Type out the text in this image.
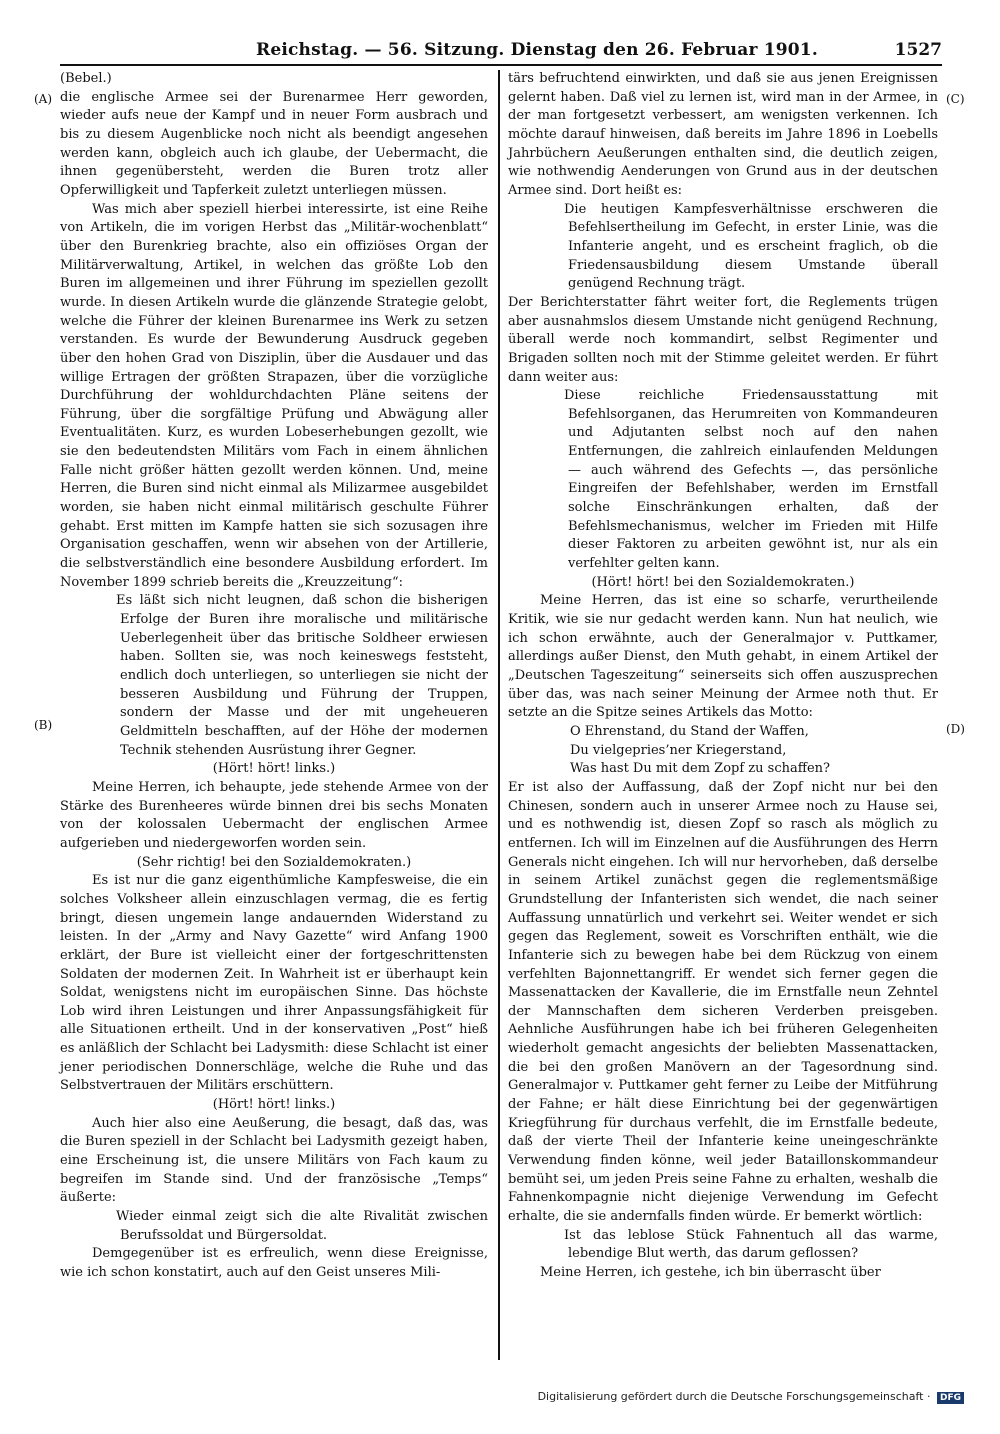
Reichstag. — 56. Sitzung. Dienstag den 26. Februar 1901.	1527
(A)
(B)
(C)
(D)

(Bebel.)

die englische Armee sei der Burenarmee Herr geworden, wieder aufs neue der Kampf und in neuer Form ausbrach und bis zu diesem Augenblicke noch nicht als beendigt angesehen werden kann, obgleich auch ich glaube, der Uebermacht, die ihnen gegenübersteht, werden die Buren trotz aller Opferwilligkeit und Tapferkeit zuletzt unterliegen müssen.

Was mich aber speziell hierbei interessirte, ist eine Reihe von Artikeln, die im vorigen Herbst das „Militär-wochenblatt“ über den Burenkrieg brachte, also ein offiziöses Organ der Militärverwaltung, Artikel, in welchen das größte Lob den Buren im allgemeinen und ihrer Führung im speziellen gezollt wurde. In diesen Artikeln wurde die glänzende Strategie gelobt, welche die Führer der kleinen Burenarmee ins Werk zu setzen verstanden. Es wurde der Bewunderung Ausdruck gegeben über den hohen Grad von Disziplin, über die Ausdauer und das willige Ertragen der größten Strapazen, über die vorzügliche Durchführung der wohldurchdachten Pläne seitens der Führung, über die sorgfältige Prüfung und Abwägung aller Eventualitäten. Kurz, es wurden Lobeserhebungen gezollt, wie sie den bedeutendsten Militärs vom Fach in einem ähnlichen Falle nicht größer hätten gezollt werden können. Und, meine Herren, die Buren sind nicht einmal als Milizarmee ausgebildet worden, sie haben nicht einmal militärisch geschulte Führer gehabt. Erst mitten im Kampfe hatten sie sich sozusagen ihre Organisation geschaffen, wenn wir absehen von der Artillerie, die selbstverständlich eine besondere Ausbildung erfordert. Im November 1899 schrieb bereits die „Kreuzzeitung“:

Es läßt sich nicht leugnen, daß schon die bisherigen Erfolge der Buren ihre moralische und militärische Ueberlegenheit über das britische Soldheer erwiesen haben. Sollten sie, was noch keineswegs feststeht, endlich doch unterliegen, so unterliegen sie nicht der besseren Ausbildung und Führung der Truppen, sondern der Masse und der mit ungeheueren Geldmitteln beschafften, auf der Höhe der modernen Technik stehenden Ausrüstung ihrer Gegner.

(Hört! hört! links.)

Meine Herren, ich behaupte, jede stehende Armee von der Stärke des Burenheeres würde binnen drei bis sechs Monaten von der kolossalen Uebermacht der englischen Armee aufgerieben und niedergeworfen worden sein.

(Sehr richtig! bei den Sozialdemokraten.)

Es ist nur die ganz eigenthümliche Kampfesweise, die ein solches Volksheer allein einzuschlagen vermag, die es fertig bringt, diesen ungemein lange andauernden Widerstand zu leisten. In der „Army and Navy Gazette“ wird Anfang 1900 erklärt, der Bure ist vielleicht einer der fortgeschrittensten Soldaten der modernen Zeit. In Wahrheit ist er überhaupt kein Soldat, wenigstens nicht im europäischen Sinne. Das höchste Lob wird ihren Leistungen und ihrer Anpassungsfähigkeit für alle Situationen ertheilt. Und in der konservativen „Post“ hieß es anläßlich der Schlacht bei Ladysmith: diese Schlacht ist einer jener periodischen Donnerschläge, welche die Ruhe und das Selbstvertrauen der Militärs erschüttern.

(Hört! hört! links.)

Auch hier also eine Aeußerung, die besagt, daß das, was die Buren speziell in der Schlacht bei Ladysmith gezeigt haben, eine Erscheinung ist, die unsere Militärs von Fach kaum zu begreifen im Stande sind. Und der französische „Temps“ äußerte:

Wieder einmal zeigt sich die alte Rivalität zwischen Berufssoldat und Bürgersoldat.

Demgegenüber ist es erfreulich, wenn diese Ereignisse, wie ich schon konstatirt, auch auf den Geist unseres Mili-

tärs befruchtend einwirkten, und daß sie aus jenen Ereignissen gelernt haben. Daß viel zu lernen ist, wird man in der Armee, in der man fortgesetzt verbessert, am wenigsten verkennen. Ich möchte darauf hinweisen, daß bereits im Jahre 1896 in Loebells Jahrbüchern Aeußerungen enthalten sind, die deutlich zeigen, wie nothwendig Aenderungen von Grund aus in der deutschen Armee sind. Dort heißt es:

Die heutigen Kampfesverhältnisse erschweren die Befehlsertheilung im Gefecht, in erster Linie, was die Infanterie angeht, und es erscheint fraglich, ob die Friedensausbildung diesem Umstande überall genügend Rechnung trägt.

Der Berichterstatter fährt weiter fort, die Reglements trügen aber ausnahmslos diesem Umstande nicht genügend Rechnung, überall werde noch kommandirt, selbst Regimenter und Brigaden sollten noch mit der Stimme geleitet werden. Er führt dann weiter aus:

Diese reichliche Friedensausstattung mit Befehlsorganen, das Herumreiten von Kommandeuren und Adjutanten selbst noch auf den nahen Entfernungen, die zahlreich einlaufenden Meldungen — auch während des Gefechts —, das persönliche Eingreifen der Befehlshaber, werden im Ernstfall solche Einschränkungen erhalten, daß der Befehlsmechanismus, welcher im Frieden mit Hilfe dieser Faktoren zu arbeiten gewöhnt ist, nur als ein verfehlter gelten kann.

(Hört! hört! bei den Sozialdemokraten.)

Meine Herren, das ist eine so scharfe, verurtheilende Kritik, wie sie nur gedacht werden kann. Nun hat neulich, wie ich schon erwähnte, auch der Generalmajor v. Puttkamer, allerdings außer Dienst, den Muth gehabt, in einem Artikel der „Deutschen Tageszeitung“ seinerseits sich offen auszusprechen über das, was nach seiner Meinung der Armee noth thut. Er setzte an die Spitze seines Artikels das Motto:

O Ehrenstand, du Stand der Waffen,

Du vielgepries’ner Kriegerstand,

Was hast Du mit dem Zopf zu schaffen?

Er ist also der Auffassung, daß der Zopf nicht nur bei den Chinesen, sondern auch in unserer Armee noch zu Hause sei, und es nothwendig ist, diesen Zopf so rasch als möglich zu entfernen. Ich will im Einzelnen auf die Ausführungen des Herrn Generals nicht eingehen. Ich will nur hervorheben, daß derselbe in seinem Artikel zunächst gegen die reglementsmäßige Grundstellung der Infanteristen sich wendet, die nach seiner Auffassung unnatürlich und verkehrt sei. Weiter wendet er sich gegen das Reglement, soweit es Vorschriften enthält, wie die Infanterie sich zu bewegen habe bei dem Rückzug von einem verfehlten Bajonnettangriff. Er wendet sich ferner gegen die Massenattacken der Kavallerie, die im Ernstfalle neun Zehntel der Mannschaften dem sicheren Verderben preisgeben. Aehnliche Ausführungen habe ich bei früheren Gelegenheiten wiederholt gemacht angesichts der beliebten Massenattacken, die bei den großen Manövern an der Tagesordnung sind. Generalmajor v. Puttkamer geht ferner zu Leibe der Mitführung der Fahne; er hält diese Einrichtung bei der gegenwärtigen Kriegführung für durchaus verfehlt, die im Ernstfalle bedeute, daß der vierte Theil der Infanterie keine uneingeschränkte Verwendung finden könne, weil jeder Bataillonskommandeur bemüht sei, um jeden Preis seine Fahne zu erhalten, weshalb die Fahnenkompagnie nicht diejenige Verwendung im Gefecht erhalte, die sie andernfalls finden würde. Er bemerkt wörtlich:

Ist das leblose Stück Fahnentuch all das warme, lebendige Blut werth, das darum geflossen?

Meine Herren, ich gestehe, ich bin überrascht über

Digitalisierung gefördert durch die Deutsche Forschungsgemeinschaft · DFG
